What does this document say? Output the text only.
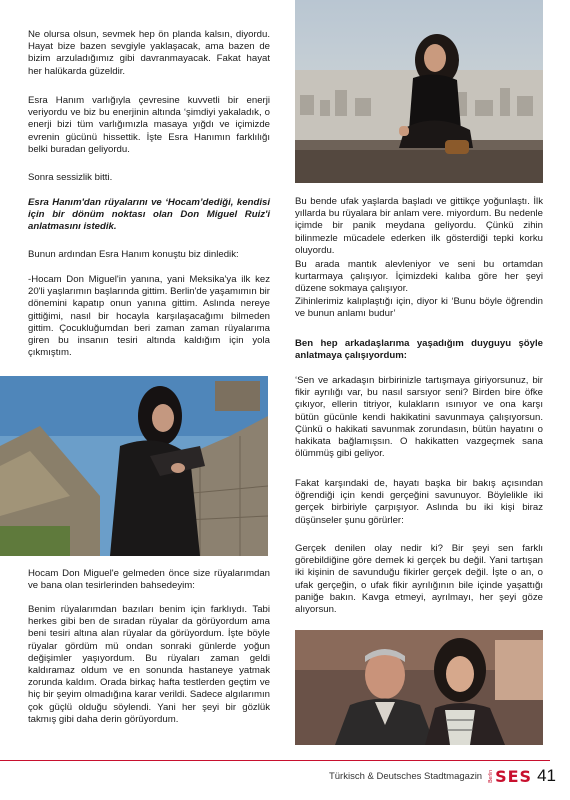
Ne olursa olsun, sevmek hep ön planda kalsın, diyordu. Hayat bize bazen sevgiyle yaklaşacak, ama bazen de bizim arzuladığımız gibi davranmayacak. Fakat hayat her halükarda güzeldir.

Esra Hanım varlığıyla çevresine kuvvetli bir enerji veriyordu ve biz bu enerjinin altında ‘şimdiyi yakaladık, o enerji bizi tüm varlığımızla masaya yığdı ve içimizde evrenin gücünü hissettik. İşte Esra Hanımın farklılığı belki buradan geliyordu.

Sonra sessizlik bitti.

Esra Hanım'dan rüyalarını ve ‘Hocam’dediği, kendisi için bir dönüm noktası olan Don Miguel Ruiz'i anlatmasını istedik.

Bunun ardından Esra Hanım konuştu biz dinledik:

-Hocam Don Miguel'in yanına, yani Meksika'ya ilk kez 20'li yaşlarımın başlarında gittim. Berlin'de yaşamımın bir dönemini kapatıp onun yanına gittim. Aslında nereye gittiğimi, nasıl bir hocayla karşılaşacağımı bilmeden gittim. Çocukluğumdan beri zaman zaman rüyalarıma giren bu insanın tesiri altında kaldığım için yola çıkmıştım.

Hocam Don Miguel'e gelmeden önce size rüyalarımdan ve bana olan tesirlerinden bahsedeyim:

Benim rüyalarımdan bazıları benim için farklıydı. Tabi herkes gibi ben de sıradan rüyalar da görüyordum ama beni tesiri altına alan rüyalar da görüyordum. İşte böyle rüyalar gördüm mü ondan sonraki günlerde yoğun değişimler yaşıyordum. Bu rüyaları zaman geldi kaldıramaz oldum ve en sonunda hastaneye yatmak zorunda kaldım. Orada birkaç hafta testlerden geçtim ve hiç bir şeyim olmadığına karar verildi. Sadece algılarımın çok güçlü olduğu söylendi. Yani her şeyi bir gözlük takmış gibi daha derin görüyordum.

Bu bende ufak yaşlarda başladı ve gittikçe yoğunlaştı. İlk yıllarda bu rüyalara bir anlam vere. miyordum. Bu nedenle içimde bir panik meydana geliyordu. Çünkü zihin bilinmezle mücadele ederken ilk gösterdiği tepki korku oluyordu.

Bu arada mantık alevleniyor ve seni bu ortamdan kurtarmaya çalışıyor. İçimizdeki kalıba göre her şeyi düzene sokmaya çalışıyor.

Zihinlerimiz kalıplaştığı için, diyor ki ‘Bunu böyle öğrendin ve bunun anlamı budur’

Ben hep arkadaşlarıma yaşadığım duyguyu şöyle anlatmaya çalışıyordum:

‘Sen ve arkadaşın birbirinizle tartışmaya giriyorsunuz, bir fikir ayrılığı var, bu nasıl sarsıyor seni? Birden bire öfke çıkıyor, ellerin titriyor, kulakların ısınıyor ve ona karşı bütün gücünle kendi hakikatini savunmaya çalışıyorsun. Çünkü o hakikati savunmak zorundasın, bütün hayatını o hakikata bağlamışsın. O hakikatten vazgeçmek sana ölümmüş gibi geliyor.

Fakat karşındaki de, hayatı başka bir bakış açısından öğrendiği için kendi gerçeğini savunuyor. Böylelikle iki gerçek birbiriyle çarpışıyor. Aslında bu iki kişi biraz düşünseler şunu görürler:

Gerçek denilen olay nedir ki? Bir şeyi sen farklı görebildiğine göre demek ki gerçek bu değil. Yani tartışan iki kişinin de savunduğu fikirler gerçek değil. İşte o an, o ufak gerçeğin, o ufak fikir ayrılığının bile içinde yaşattığı paniğe bakın. Kavga etmeyi, ayrılmayı, her şeyi göze alıyorsun.

Türkisch & Deutsches Stadtmagazin Berlin SES 41
